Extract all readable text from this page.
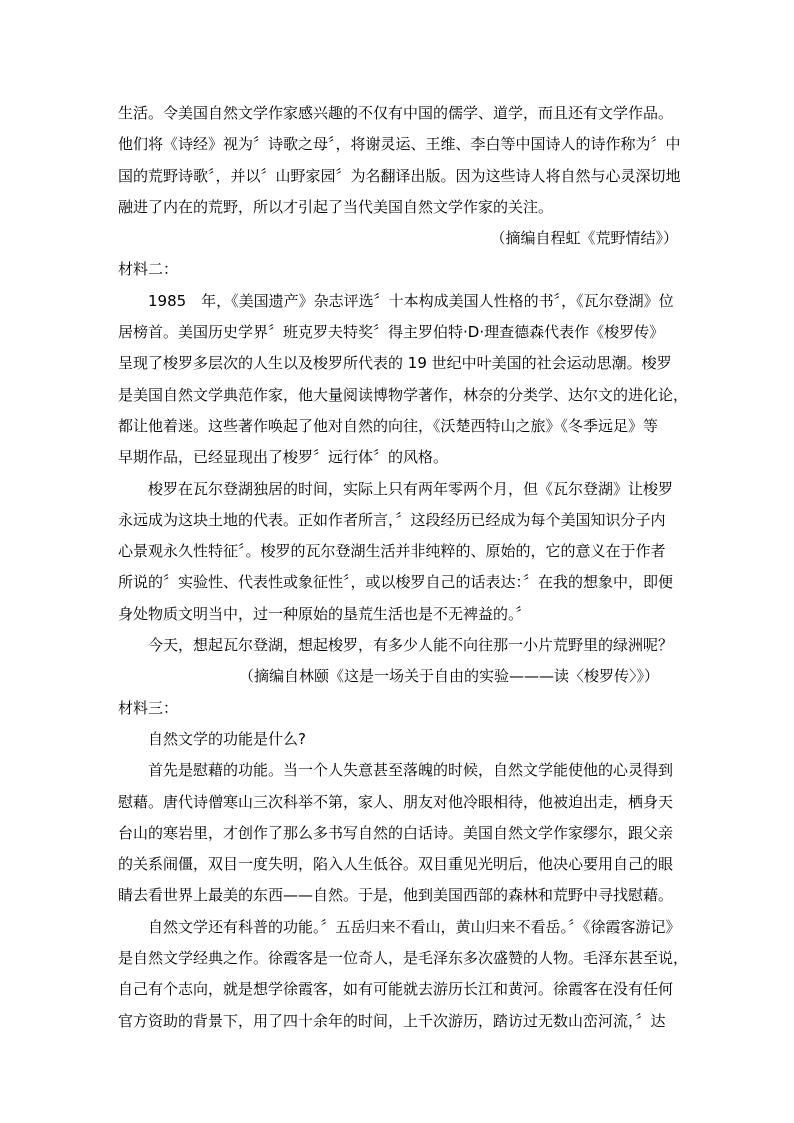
生活。令美国自然文学作家感兴趣的不仅有中国的儒学、道学，而且还有文学作品。
他们将《诗经》视为〞诗歌之母〞，将谢灵运、王维、李白等中国诗人的诗作称为〞中
国的荒野诗歌〞，并以〞山野家园〞为名翻译出版。因为这些诗人将自然与心灵深切地
融进了内在的荒野，所以才引起了当代美国自然文学作家的关注。
（摘编自程虹《荒野情结》）
材料二：
1985　年，《美国遗产》杂志评选〞十本构成美国人性格的书〞，《瓦尔登湖》位
居榜首。美国历史学界〞班克罗夫特奖〞得主罗伯特·D·理查德森代表作《梭罗传》
呈现了梭罗多层次的人生以及梭罗所代表的 19 世纪中叶美国的社会运动思潮。梭罗
是美国自然文学典范作家，他大量阅读博物学著作，林奈的分类学、达尔文的进化论，
都让他着迷。这些著作唤起了他对自然的向往，《沃楚西特山之旅》《冬季远足》等
早期作品，已经显现出了梭罗〞远行体〞的风格。
梭罗在瓦尔登湖独居的时间，实际上只有两年零两个月，但《瓦尔登湖》让梭罗
永远成为这块土地的代表。正如作者所言，〞这段经历已经成为每个美国知识分子内
心景观永久性特征〞。梭罗的瓦尔登湖生活并非纯粹的、原始的，它的意义在于作者
所说的〞实验性、代表性或象征性〞，或以梭罗自己的话表达：〞在我的想象中，即便
身处物质文明当中，过一种原始的垦荒生活也是不无裨益的。〞
今天，想起瓦尔登湖，想起梭罗，有多少人能不向往那一小片荒野里的绿洲呢？
（摘编自林颐《这是一场关于自由的实验———读〈梭罗传〉》）
材料三：
自然文学的功能是什么?
首先是慰藉的功能。当一个人失意甚至落魄的时候，自然文学能使他的心灵得到
慰藉。唐代诗僧寒山三次科举不第，家人、朋友对他冷眼相待，他被迫出走，栖身天
台山的寒岩里，才创作了那么多书写自然的白话诗。美国自然文学作家缪尔，跟父亲
的关系闹僵，双目一度失明，陷入人生低谷。双目重见光明后，他决心要用自己的眼
睛去看世界上最美的东西——自然。于是，他到美国西部的森林和荒野中寻找慰藉。
自然文学还有科普的功能。〞五岳归来不看山，黄山归来不看岳。〞《徐霞客游记》
是自然文学经典之作。徐霞客是一位奇人，是毛泽东多次盛赞的人物。毛泽东甚至说，
自己有个志向，就是想学徐霞客，如有可能就去游历长江和黄河。徐霞客在没有任何
官方资助的背景下，用了四十余年的时间，上千次游历，踏访过无数山峦河流，〞达
